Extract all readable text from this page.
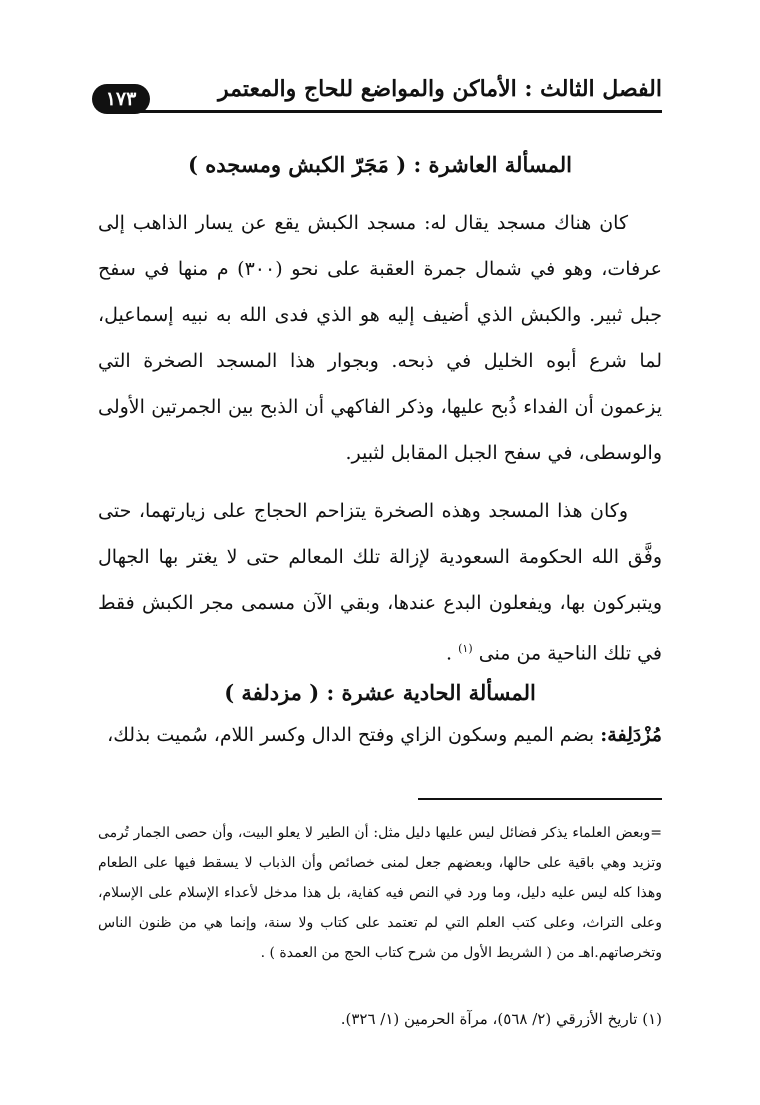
الفصل الثالث : الأماكن والمواضع للحاج والمعتمر
١٧٣
المسألة العاشرة : ( مَجَرّ الكبش ومسجده )

كان هناك مسجد يقال له: مسجد الكبش يقع عن يسار الذاهب إلى عرفات، وهو في شمال جمرة العقبة على نحو (٣٠٠) م منها في سفح جبل ثبير. والكبش الذي أضيف إليه هو الذي فدى الله به نبيه إسماعيل، لما شرع أبوه الخليل في ذبحه. وبجوار هذا المسجد الصخرة التي يزعمون أن الفداء ذُبح عليها، وذكر الفاكهي أن الذبح بين الجمرتين الأولى والوسطى، في سفح الجبل المقابل لثبير.

وكان هذا المسجد وهذه الصخرة يتزاحم الحجاج على زيارتهما، حتى وفَّق الله الحكومة السعودية لإزالة تلك المعالم حتى لا يغتر بها الجهال ويتبركون بها، ويفعلون البدع عندها، وبقي الآن مسمى مجر الكبش فقط في تلك الناحية من منى $^{(١)}$ .

المسألة الحادية عشرة : ( مزدلفة )

مُزْدَلِفة: بضم الميم وسكون الزاي وفتح الدال وكسر اللام، سُميت بذلك،

=وبعض العلماء يذكر فضائل ليس عليها دليل مثل: أن الطير لا يعلو البيت، وأن حصى الجمار تُرمى وتزيد وهي باقية على حالها، وبعضهم جعل لمنى خصائص وأن الذباب لا يسقط فيها على الطعام وهذا كله ليس عليه دليل، وما ورد في النص فيه كفاية، بل هذا مدخل لأعداء الإسلام على الإسلام، وعلى التراث، وعلى كتب العلم التي لم تعتمد على كتاب ولا سنة، وإنما هي من ظنون الناس وتخرصاتهم.اهـ من ( الشريط الأول من شرح كتاب الحج من العمدة ) .

(١) تاريخ الأزرقي (٢/ ٥٦٨)، مرآة الحرمين (١/ ٣٢٦).
